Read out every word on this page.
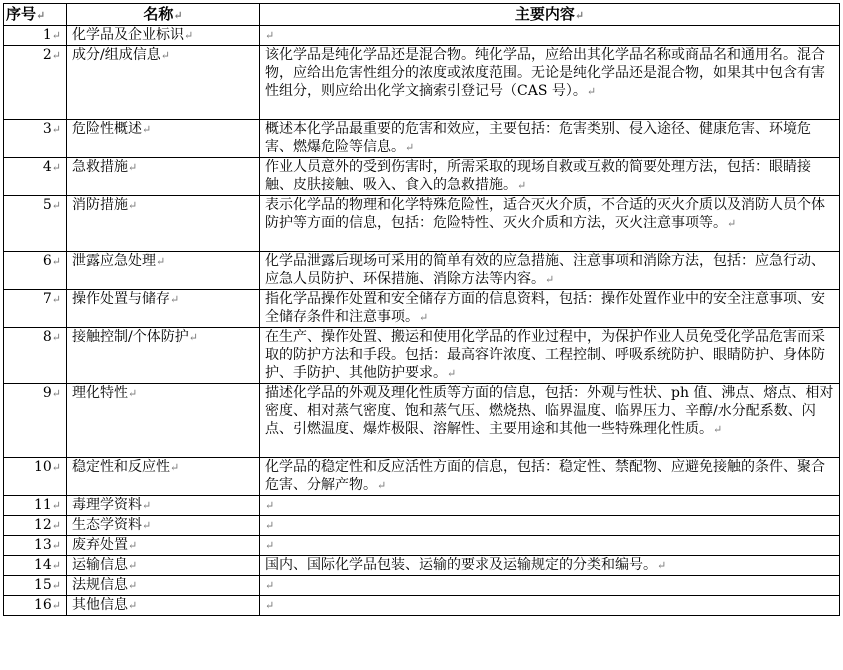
序号↵	名称↵	主要内容↵
1↵	化学品及企业标识↵	↵
2↵	成分/组成信息↵	该化学品是纯化学品还是混合物。纯化学品，应给出其化学品名称或商品名和通用名。混合物，应给出危害性组分的浓度或浓度范围。无论是纯化学品还是混合物，如果其中包含有害性组分，则应给出化学文摘索引登记号（CAS 号）。↵
3↵	危险性概述↵	概述本化学品最重要的危害和效应，主要包括：危害类别、侵入途径、健康危害、环境危害、燃爆危险等信息。↵
4↵	急救措施↵	作业人员意外的受到伤害时，所需采取的现场自救或互救的简要处理方法，包括：眼睛接触、皮肤接触、吸入、食入的急救措施。↵
5↵	消防措施↵	表示化学品的物理和化学特殊危险性，适合灭火介质，不合适的灭火介质以及消防人员个体防护等方面的信息，包括：危险特性、灭火介质和方法，灭火注意事项等。↵
6↵	泄露应急处理↵	化学品泄露后现场可采用的简单有效的应急措施、注意事项和消除方法，包括：应急行动、应急人员防护、环保措施、消除方法等内容。↵
7↵	操作处置与储存↵	指化学品操作处置和安全储存方面的信息资料，包括：操作处置作业中的安全注意事项、安全储存条件和注意事项。↵
8↵	接触控制/个体防护↵	在生产、操作处置、搬运和使用化学品的作业过程中，为保护作业人员免受化学品危害而采取的防护方法和手段。包括：最高容许浓度、工程控制、呼吸系统防护、眼睛防护、身体防护、手防护、其他防护要求。↵
9↵	理化特性↵	描述化学品的外观及理化性质等方面的信息，包括：外观与性状、ph 值、沸点、熔点、相对密度、相对蒸气密度、饱和蒸气压、燃烧热、临界温度、临界压力、辛醇/水分配系数、闪点、引燃温度、爆炸极限、溶解性、主要用途和其他一些特殊理化性质。↵
10↵	稳定性和反应性↵	化学品的稳定性和反应活性方面的信息，包括：稳定性、禁配物、应避免接触的条件、聚合危害、分解产物。↵
11↵	毒理学资料↵	↵
12↵	生态学资料↵	↵
13↵	废弃处置↵	↵
14↵	运输信息↵	国内、国际化学品包装、运输的要求及运输规定的分类和编号。↵
15↵	法规信息↵	↵
16↵	其他信息↵	↵
